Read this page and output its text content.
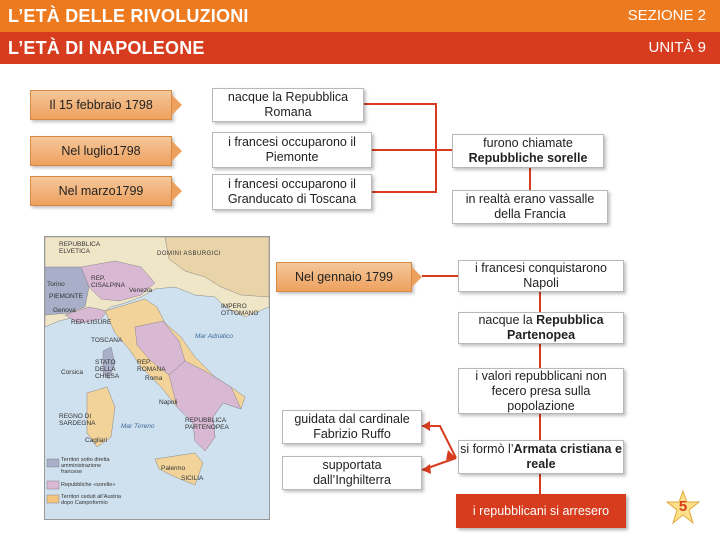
L’ETÀ DELLE RIVOLUZIONI	SEZIONE 2
L’ETÀ DI NAPOLEONE	UNITÀ 9
Il 15 febbraio 1798
Nel luglio1798
Nel marzo1799
Nel gennaio 1799
nacque la Repubblica Romana
i francesi occuparono il Piemonte
i francesi occuparono il Granducato di Toscana
furono chiamate
Repubbliche sorelle
in realtà erano vassalle della Francia
i francesi conquistarono Napoli
nacque la Repubblica Partenopea
i valori repubblicani non fecero presa sulla popolazione
si formò l’Armata cristiana e reale
i repubblicani si arresero
guidata dal cardinale Fabrizio Ruffo
supportata dall’Inghilterra
DOMINI ASBURGICI
REPUBBLICA ELVETICA
REP. CISALPINA
PIEMONTE
Torino
Genova
REP. LIGURE
TOSCANA
STATO DELLA CHIESA
REP. ROMANA
Roma
Corsica
Napoli
REPUBBLICA PARTENOPEA
REGNO DI SARDEGNA
Cagliari
Mar Tirreno
Mar Adriatico
IMPERO OTTOMANO
Venezia
Palermo
SICILIA
Territori sotto diretta amministrazione francese
Repubbliche «sorelle»
Territori ceduti all’Austria dopo Campoformio	5
